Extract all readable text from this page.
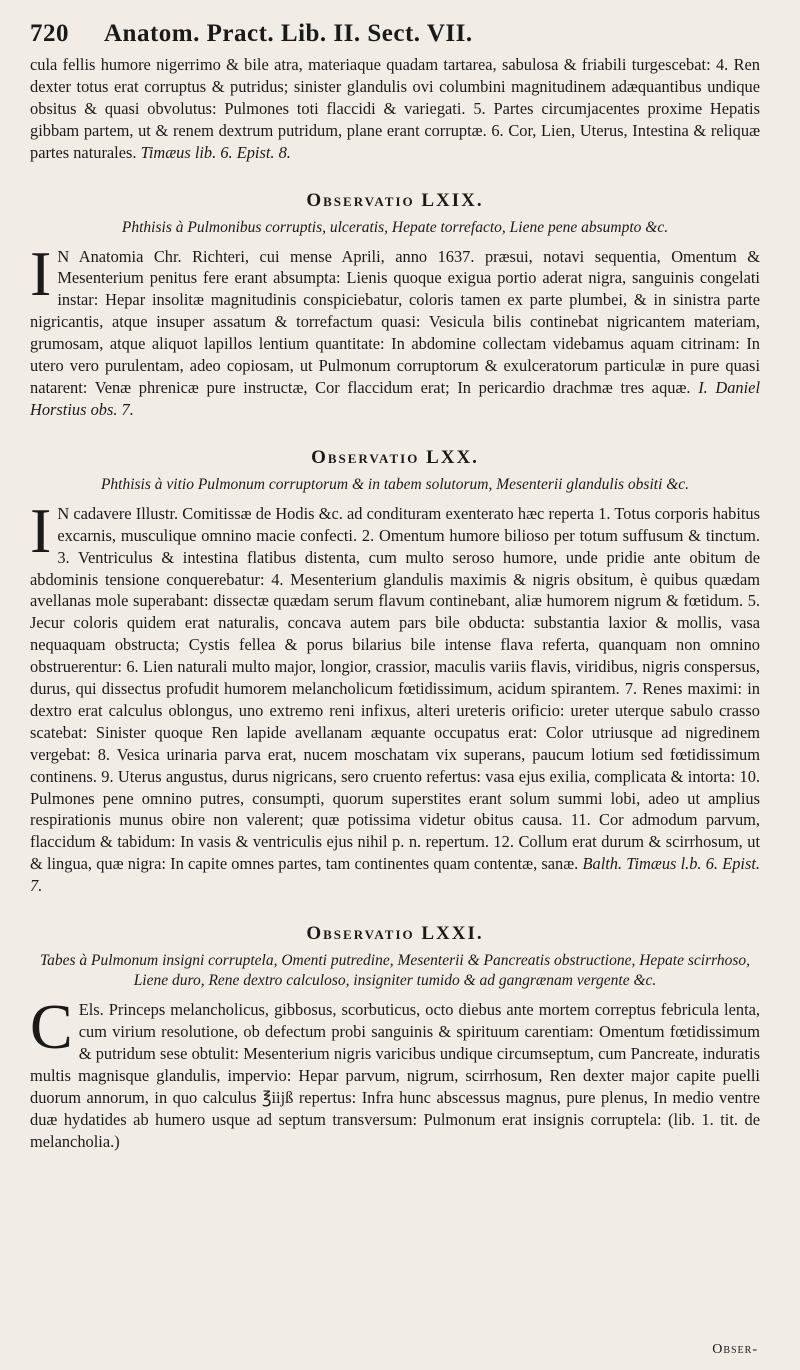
720	Anatom. Pract. Lib. II. Sect. VII.

cula fellis humore nigerrimo & bile atra, materiaque quadam tartarea, sabulosa & friabili turgescebat: 4. Ren dexter totus erat corruptus & putridus; sinister glandulis ovi columbini magnitudinem adæquantibus undique obsitus & quasi obvolutus: Pulmones toti flaccidi & variegati. 5. Partes circumjacentes proxime Hepatis gibbam partem, ut & renem dextrum putridum, plane erant corruptæ. 6. Cor, Lien, Uterus, Intestina & reliquæ partes naturales. Timæus lib. 6. Epist. 8.

Observatio LXIX.
Phthisis à Pulmonibus corruptis, ulceratis, Hepate torrefacto, Liene pene absumpto &c.

I N Anatomia Chr. Richteri, cui mense Aprili, anno 1637. præsui, notavi sequentia, Omentum & Mesenterium penitus fere erant absumpta: Lienis quoque exigua portio aderat nigra, sanguinis congelati instar: Hepar insolitæ magnitudinis conspiciebatur, coloris tamen ex parte plumbei, & in sinistra parte nigricantis, atque insuper assatum & torrefactum quasi: Vesicula bilis continebat nigricantem materiam, grumosam, atque aliquot lapillos lentium quantitate: In abdomine collectam videbamus aquam citrinam: In utero vero purulentam, adeo copiosam, ut Pulmonum corruptorum & exulceratorum particulæ in pure quasi natarent: Venæ phrenicæ pure instructæ, Cor flaccidum erat; In pericardio drachmæ tres aquæ. I. Daniel Horstius obs. 7.

Observatio LXX.
Phthisis à vitio Pulmonum corruptorum & in tabem solutorum, Mesenterii glandulis obsiti &c.

I N cadavere Illustr. Comitissæ de Hodis &c. ad condituram exenterato hæc reperta 1. Totus corporis habitus excarnis, musculique omnino macie confecti. 2. Omentum humore bilioso per totum suffusum & tinctum. 3. Ventriculus & intestina flatibus distenta, cum multo seroso humore, unde pridie ante obitum de abdominis tensione conquerebatur: 4. Mesenterium glandulis maximis & nigris obsitum, è quibus quædam avellanas mole superabant: dissectæ quædam serum flavum continebant, aliæ humorem nigrum & fœtidum. 5. Jecur coloris quidem erat naturalis, concava autem pars bile obducta: substantia laxior & mollis, vasa nequaquam obstructa; Cystis fellea & porus bilarius bile intense flava referta, quanquam non omnino obstruerentur: 6. Lien naturali multo major, longior, crassior, maculis variis flavis, viridibus, nigris conspersus, durus, qui dissectus profudit humorem melancholicum fœtidissimum, acidum spirantem. 7. Renes maximi: in dextro erat calculus oblongus, uno extremo reni infixus, alteri ureteris orificio: ureter uterque sabulo crasso scatebat: Sinister quoque Ren lapide avellanam æquante occupatus erat: Color utriusque ad nigredinem vergebat: 8. Vesica urinaria parva erat, nucem moschatam vix superans, paucum lotium sed fœtidissimum continens. 9. Uterus angustus, durus nigricans, sero cruento refertus: vasa ejus exilia, complicata & intorta: 10. Pulmones pene omnino putres, consumpti, quorum superstites erant solum summi lobi, adeo ut amplius respirationis munus obire non valerent; quæ potissima videtur obitus causa. 11. Cor admodum parvum, flaccidum & tabidum: In vasis & ventriculis ejus nihil p. n. repertum. 12. Collum erat durum & scirrhosum, ut & lingua, quæ nigra: In capite omnes partes, tam continentes quam contentæ, sanæ. Balth. Timæus l.b. 6. Epist. 7.

Observatio LXXI.
Tabes à Pulmonum insigni corruptela, Omenti putredine, Mesenterii & Pancreatis obstructione, Hepate scirrhoso, Liene duro, Rene dextro calculoso, insigniter tumido & ad gangrænam vergente &c.

C Els. Princeps melancholicus, gibbosus, scorbuticus, octo diebus ante mortem correptus febricula lenta, cum virium resolutione, ob defectum probi sanguinis & spirituum carentiam: Omentum fœtidissimum & putridum sese obtulit: Mesenterium nigris varicibus undique circumseptum, cum Pancreate, induratis multis magnisque glandulis, impervio: Hepar parvum, nigrum, scirrhosum, Ren dexter major capite puelli duorum annorum, in quo calculus ℥iijß repertus: Infra hunc abscessus magnus, pure plenus, In medio ventre duæ hydatides ab humero usque ad septum transversum: Pulmonum erat insignis corruptela: (lib. 1. tit. de melancholia.)

Obser-
